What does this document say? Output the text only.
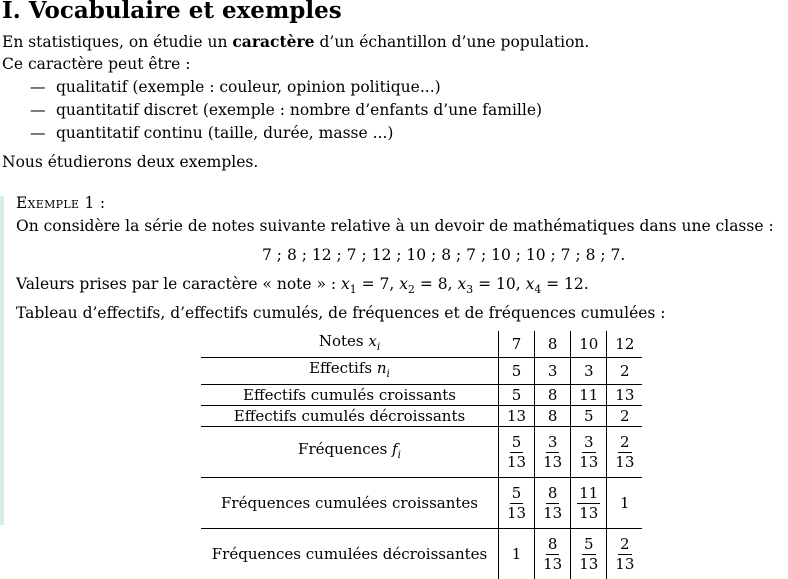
I. Vocabulaire et exemples
En statistiques, on étudie un caractère d’un échantillon d’une population.
Ce caractère peut être :
— qualitatif (exemple : couleur, opinion politique...)
— quantitatif discret (exemple : nombre d’enfants d’une famille)
— quantitatif continu (taille, durée, masse ...)
Nous étudierons deux exemples.
Exemple 1 :
On considère la série de notes suivante relative à un devoir de mathématiques dans une classe :
7 ; 8 ; 12 ; 7 ; 12 ; 10 ; 8 ; 7 ; 10 ; 10 ; 7 ; 8 ; 7.
Valeurs prises par le caractère « note » : $x_1 = 7$, $x_2 = 8$, $x_3 = 10$, $x_4 = 12$.
Tableau d’effectifs, d’effectifs cumulés, de fréquences et de fréquences cumulées :
Notes $x_i$	7	8	10	12
Effectifs $n_i$	5	3	3	2
Effectifs cumulés croissants	5	8	11	13
Effectifs cumulés décroissants	13	8	5	2
Fréquences $f_i$	$\frac{5}{13}$	$\frac{3}{13}$	$\frac{3}{13}$	$\frac{2}{13}$

Fréquences cumulées croissantes	$\frac{5}{13}$	$\frac{8}{13}$	$\frac{11}{13}$	1
Fréquences cumulées décroissantes	1	$\frac{8}{13}$	$\frac{5}{13}$	$\frac{2}{13}$
